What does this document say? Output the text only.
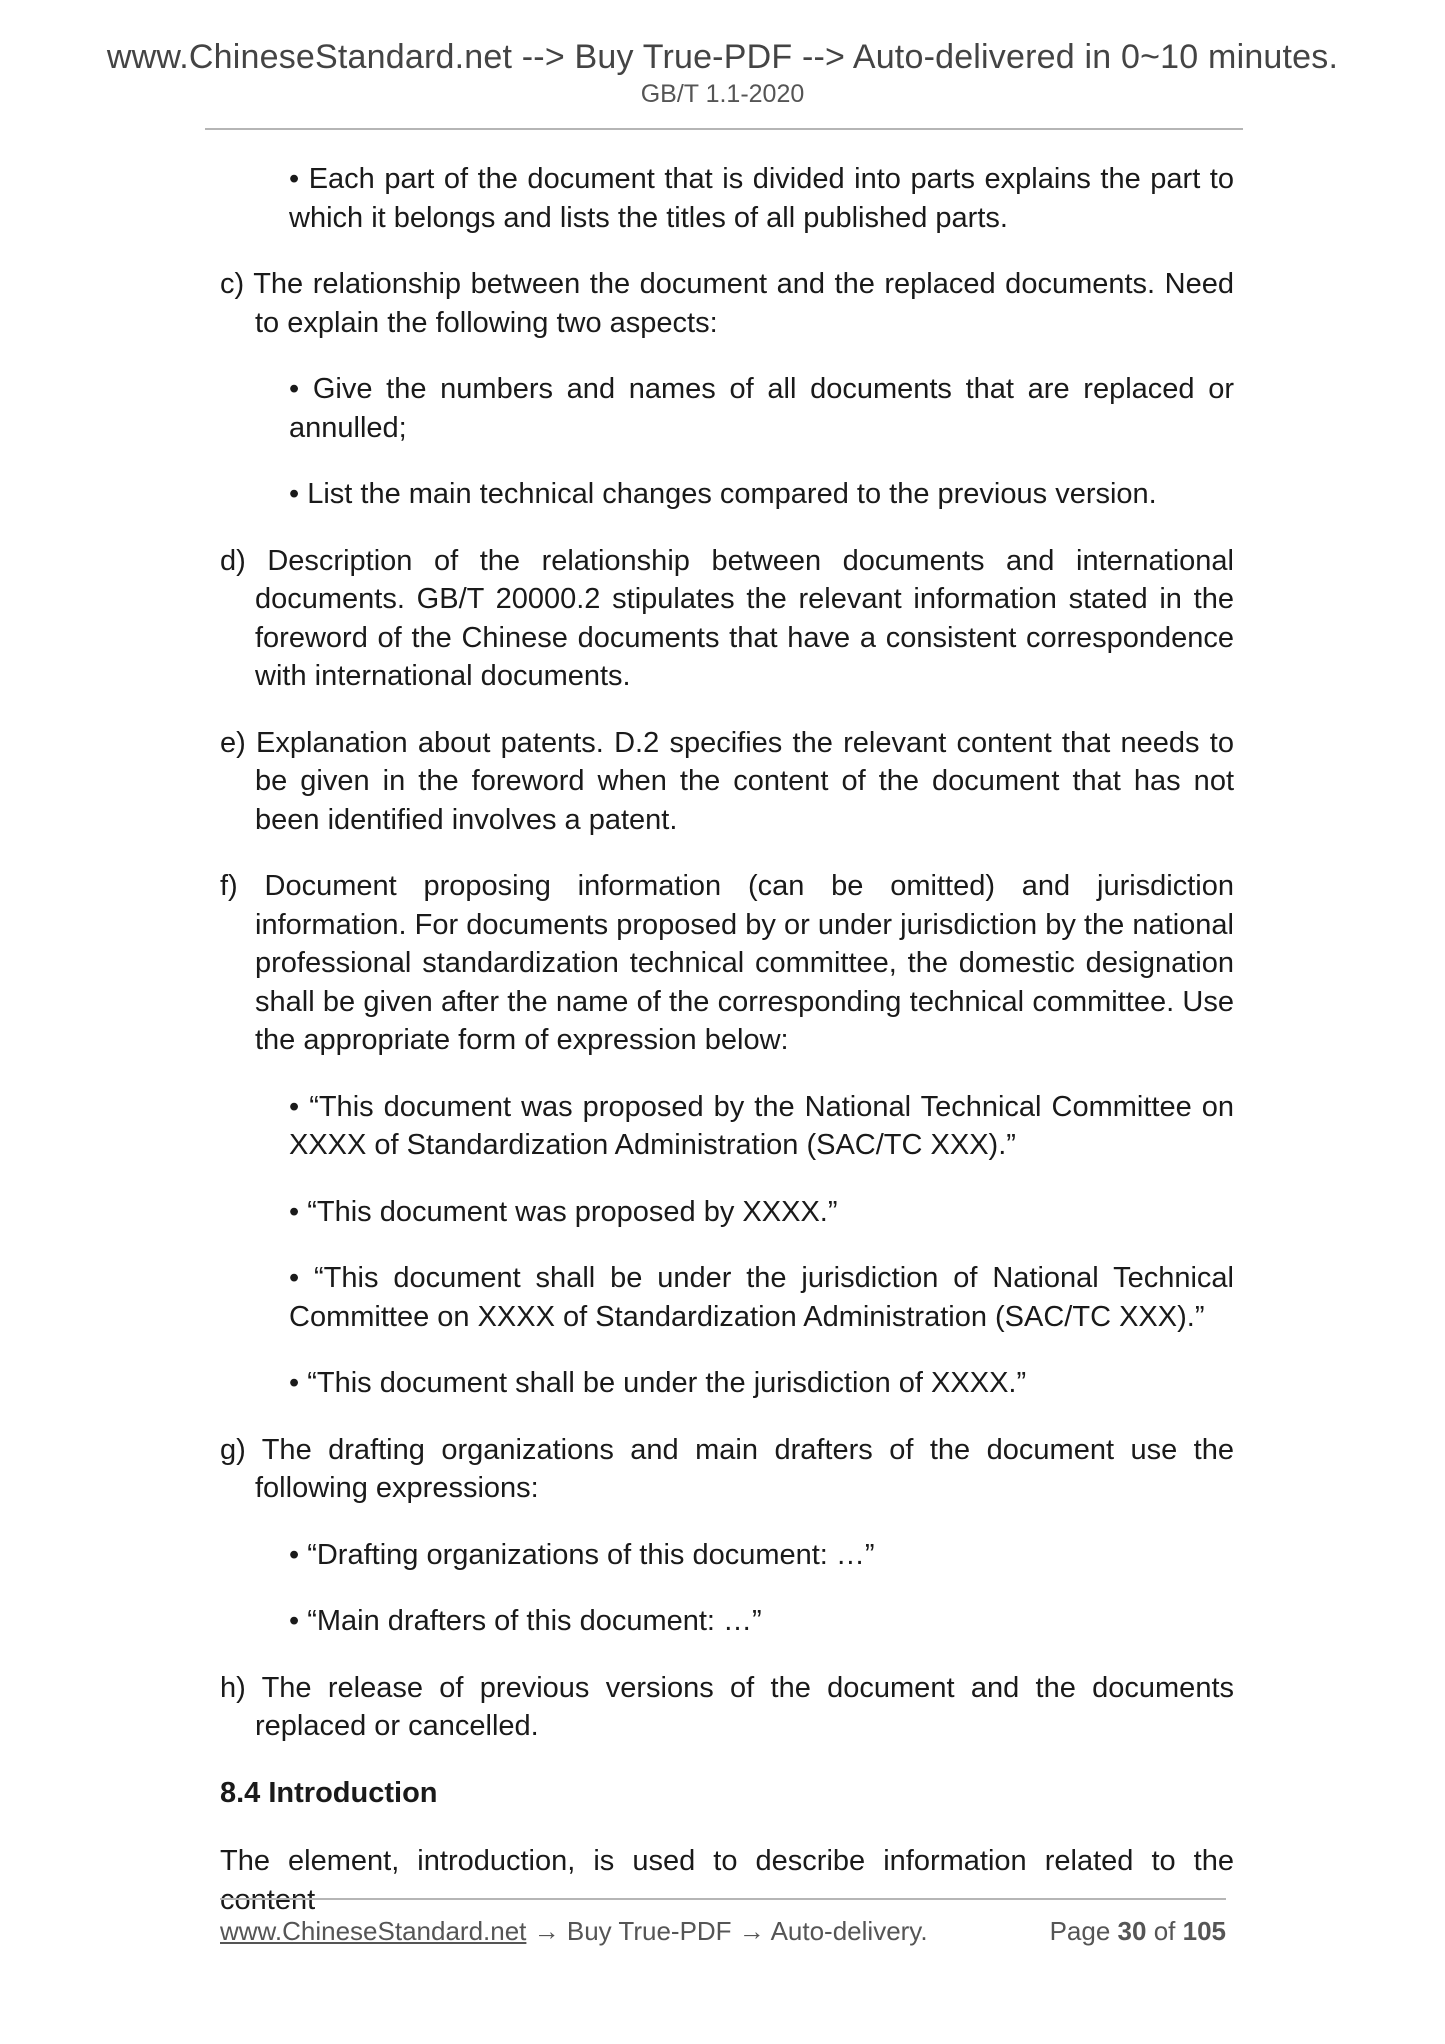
www.ChineseStandard.net --> Buy True-PDF --> Auto-delivered in 0~10 minutes.
GB/T 1.1-2020

• Each part of the document that is divided into parts explains the part to which it belongs and lists the titles of all published parts.

c) The relationship between the document and the replaced documents. Need to explain the following two aspects:

• Give the numbers and names of all documents that are replaced or annulled;

• List the main technical changes compared to the previous version.

d) Description of the relationship between documents and international documents. GB/T 20000.2 stipulates the relevant information stated in the foreword of the Chinese documents that have a consistent correspondence with international documents.

e) Explanation about patents. D.2 specifies the relevant content that needs to be given in the foreword when the content of the document that has not been identified involves a patent.

f) Document proposing information (can be omitted) and jurisdiction information. For documents proposed by or under jurisdiction by the national professional standardization technical committee, the domestic designation shall be given after the name of the corresponding technical committee. Use the appropriate form of expression below:

• “This document was proposed by the National Technical Committee on XXXX of Standardization Administration (SAC/TC XXX).”

• “This document was proposed by XXXX.”

• “This document shall be under the jurisdiction of National Technical Committee on XXXX of Standardization Administration (SAC/TC XXX).”

• “This document shall be under the jurisdiction of XXXX.”

g) The drafting organizations and main drafters of the document use the following expressions:

• “Drafting organizations of this document: …”

• “Main drafters of this document: …”

h) The release of previous versions of the document and the documents replaced or cancelled.

8.4 Introduction

The element, introduction, is used to describe information related to the content

www.ChineseStandard.net → Buy True-PDF → Auto-delivery.	Page 30 of 105
